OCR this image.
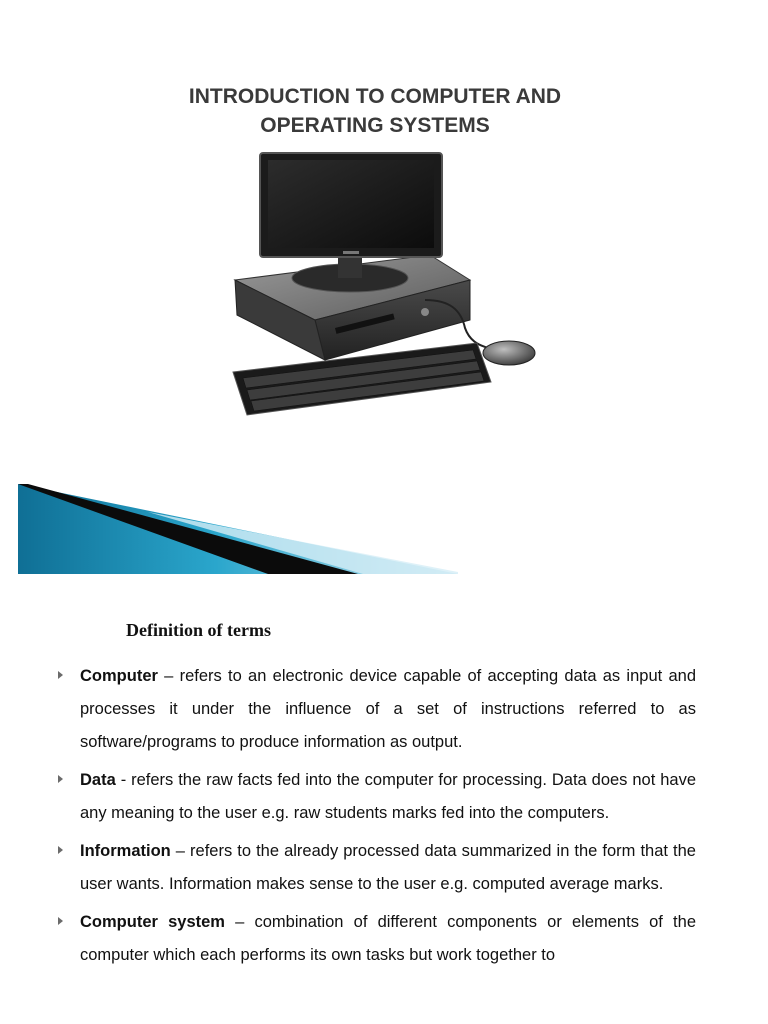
INTRODUCTION TO COMPUTER AND
OPERATING SYSTEMS
Definition of terms

Computer – refers to an electronic device capable of accepting data as input and processes it under the influence of a set of instructions referred to as software/programs to produce information as output.

Data - refers the raw facts fed into the computer for processing. Data does not have any meaning to the user e.g. raw students marks fed into the computers.

Information – refers to the already processed data summarized in the form that the user wants. Information makes sense to the user e.g. computed average marks.

Computer system – combination of different components or elements of the computer which each performs its own tasks but work together to
